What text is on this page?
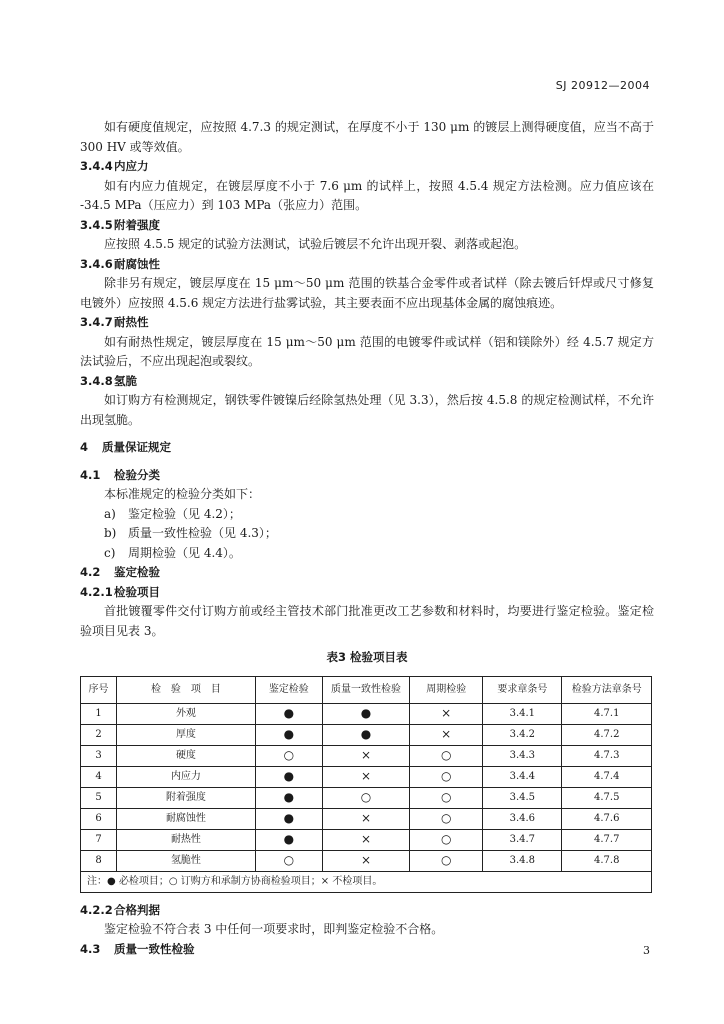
SJ 20912—2004
如有硬度值规定，应按照 4.7.3 的规定测试，在厚度不小于 130 μm 的镀层上测得硬度值，应当不高于 300 HV 或等效值。
3.4.4内应力
如有内应力值规定，在镀层厚度不小于 7.6 μm 的试样上，按照 4.5.4 规定方法检测。应力值应该在 -34.5 MPa（压应力）到 103 MPa（张应力）范围。
3.4.5附着强度
应按照 4.5.5 规定的试验方法测试，试验后镀层不允许出现开裂、剥落或起泡。
3.4.6耐腐蚀性
除非另有规定，镀层厚度在 15 μm～50 μm 范围的铁基合金零件或者试样（除去镀后钎焊或尺寸修复电镀外）应按照 4.5.6 规定方法进行盐雾试验，其主要表面不应出现基体金属的腐蚀痕迹。
3.4.7耐热性
如有耐热性规定，镀层厚度在 15 μm～50 μm 范围的电镀零件或试样（铝和镁除外）经 4.5.7 规定方法试验后，不应出现起泡或裂纹。
3.4.8氢脆
如订购方有检测规定，钢铁零件镀镍后经除氢热处理（见 3.3），然后按 4.5.8 的规定检测试样，不允许出现氢脆。
4 质量保证规定
4.1 检验分类
本标准规定的检验分类如下：
a) 鉴定检验（见 4.2）；
b) 质量一致性检验（见 4.3）；
c) 周期检验（见 4.4）。
4.2 鉴定检验
4.2.1检验项目
首批镀覆零件交付订购方前或经主管技术部门批准更改工艺参数和材料时，均要进行鉴定检验。鉴定检验项目见表 3。
表3 检验项目表
序号	检　验　项　目	鉴定检验	质量一致性检验	周期检验	要求章条号	检验方法章条号
1	外观	●	●	×	3.4.1	4.7.1
2	厚度	●	●	×	3.4.2	4.7.2
3	硬度	○	×	○	3.4.3	4.7.3
4	内应力	●	×	○	3.4.4	4.7.4
5	附着强度	●	○	○	3.4.5	4.7.5
6	耐腐蚀性	●	×	○	3.4.6	4.7.6
7	耐热性	●	×	○	3.4.7	4.7.7
8	氢脆性	○	×	○	3.4.8	4.7.8
注：● 必检项目；○ 订购方和承制方协商检验项目；× 不检项目。						
4.2.2合格判据
鉴定检验不符合表 3 中任何一项要求时，即判鉴定检验不合格。
4.3 质量一致性检验	3
